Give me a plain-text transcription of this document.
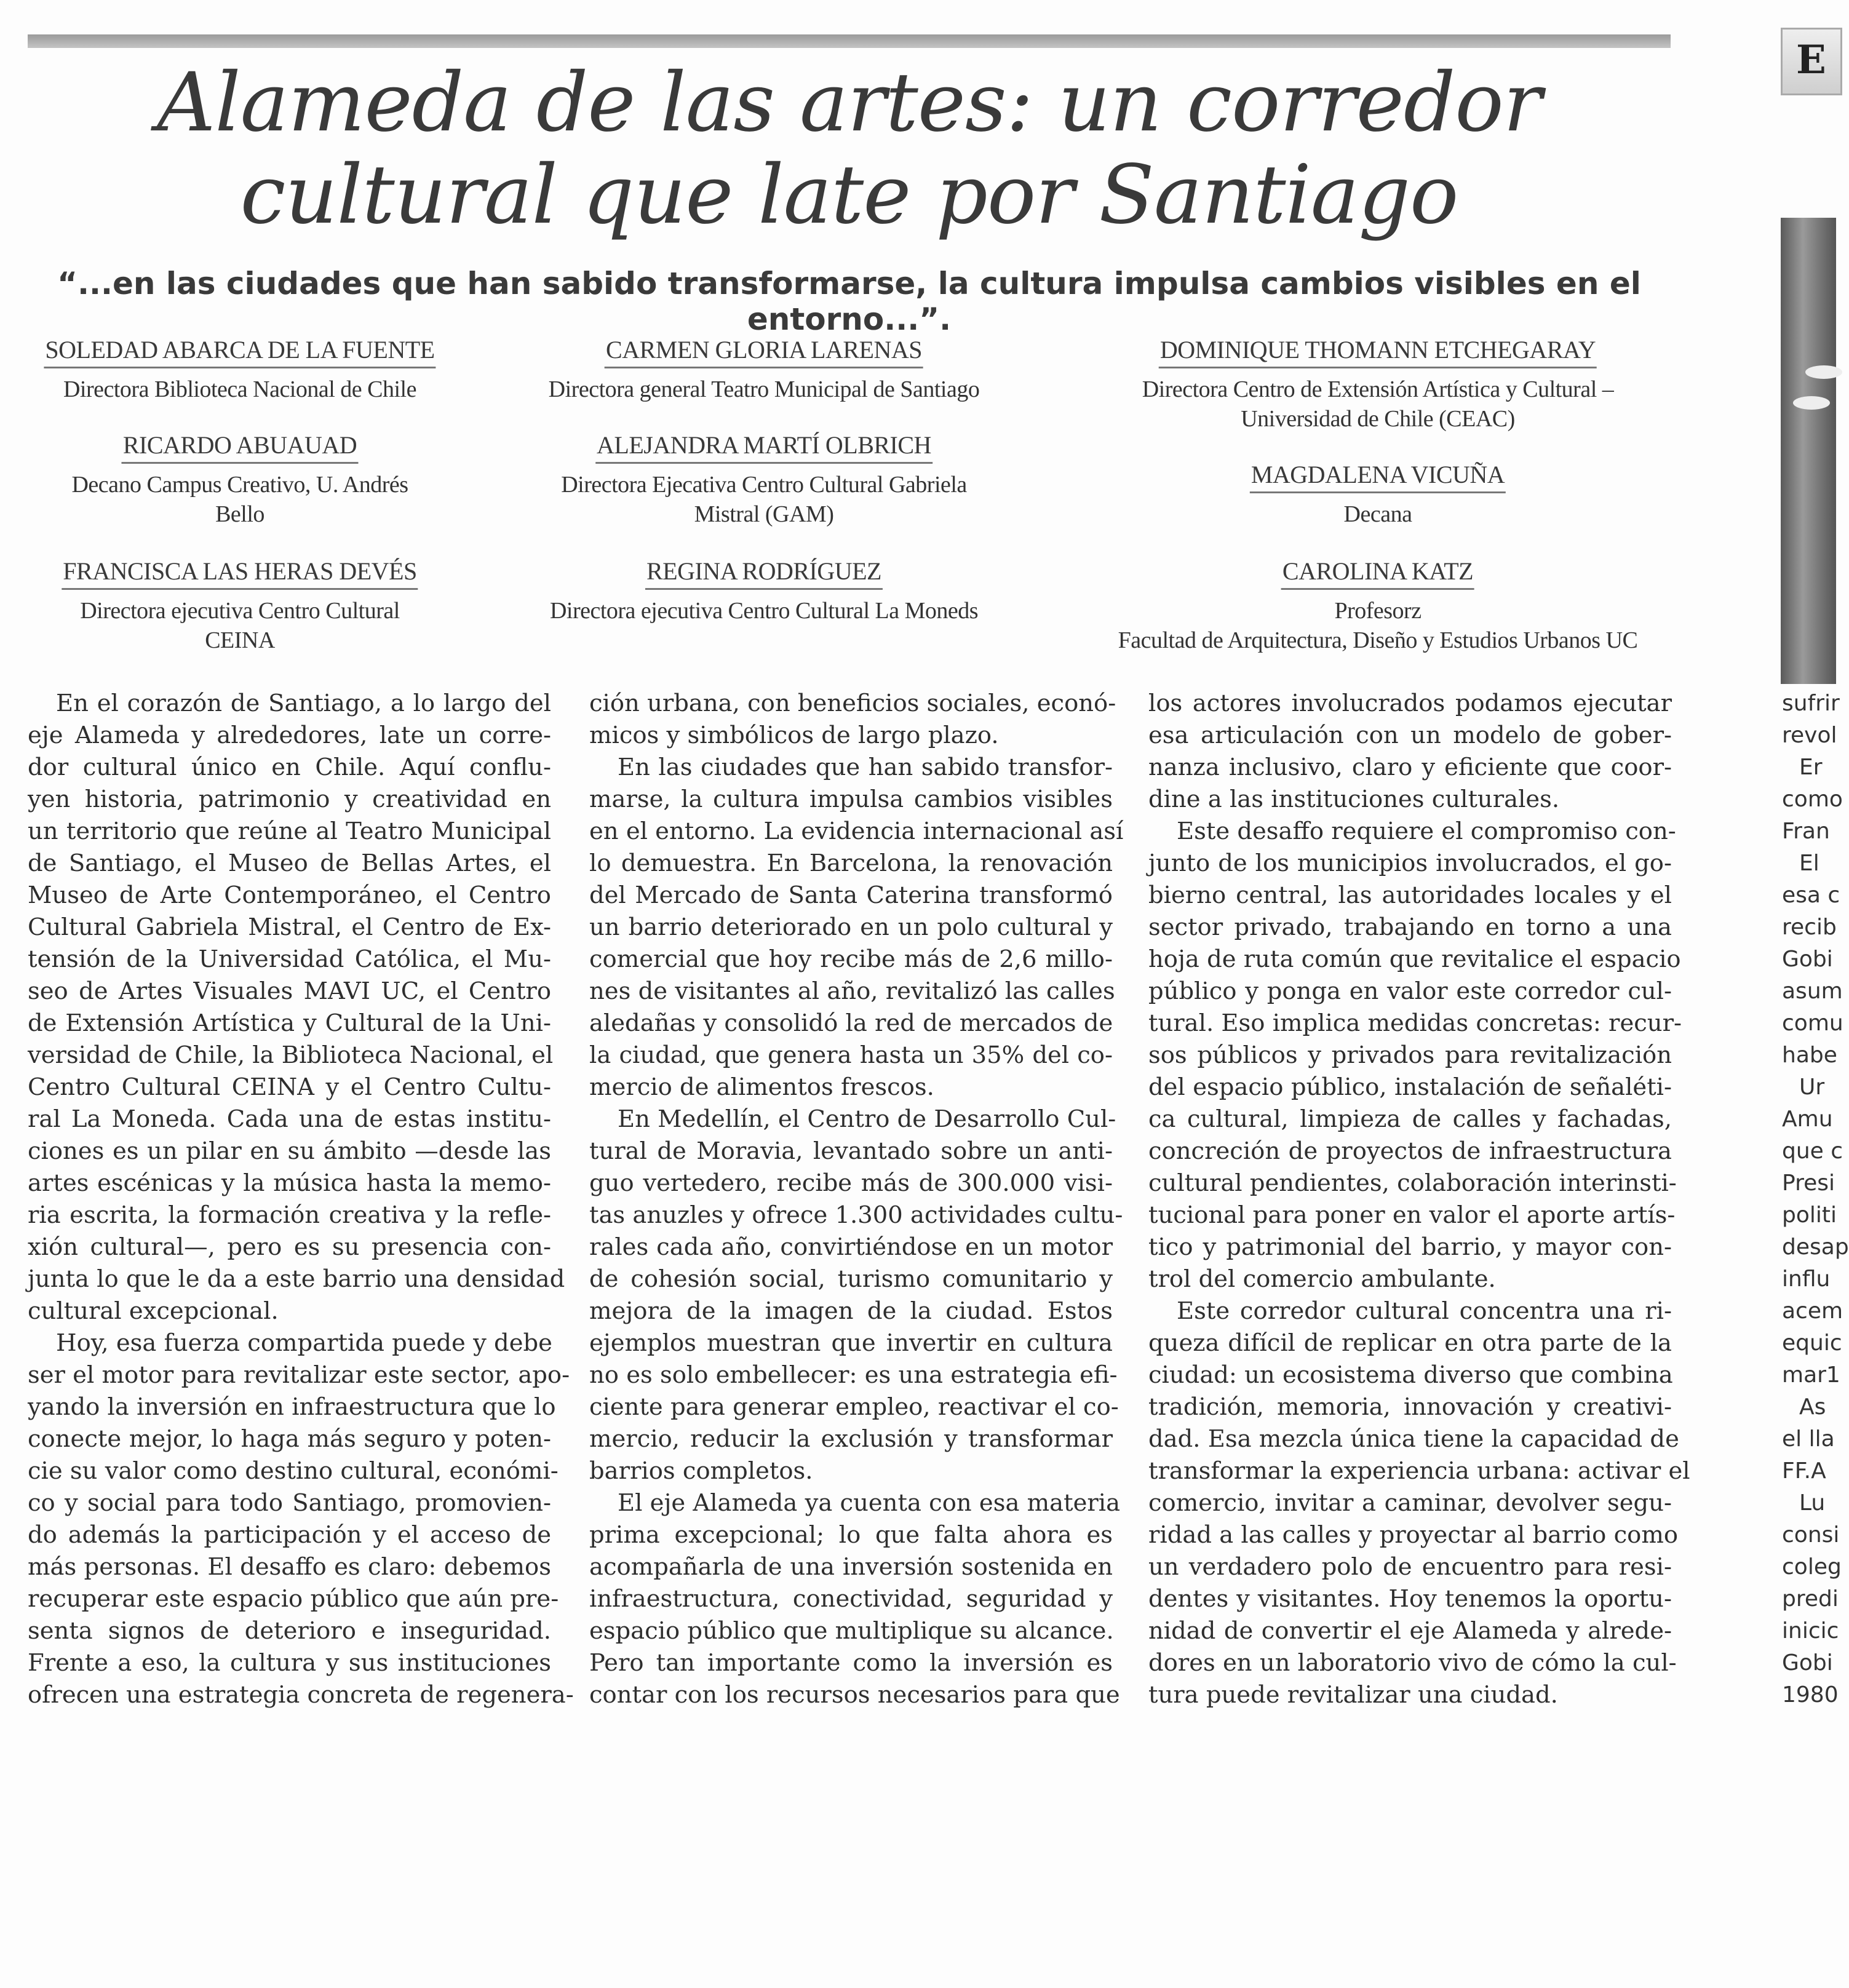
Alameda de las artes: un corredor
cultural que late por Santiago
“...en las ciudades que han sabido transformarse, la cultura impulsa cambios visibles en el entorno...”.
SOLEDAD ABARCA DE LA FUENTE
Directora Biblioteca Nacional de Chile
CARMEN GLORIA LARENAS
Directora general Teatro Municipal de Santiago
DOMINIQUE THOMANN ETCHEGARAY
Directora Centro de Extensión Artística y Cultural –
Universidad de Chile (CEAC)
RICARDO ABUAUAD
Decano Campus Creativo, U. Andrés
Bello
ALEJANDRA MARTÍ OLBRICH
Directora Ejecativa Centro Cultural Gabriela
Mistral (GAM)
MAGDALENA VICUÑA
Decana
FRANCISCA LAS HERAS DEVÉS
Directora ejecutiva Centro Cultural
CEINA
REGINA RODRÍGUEZ
Directora ejecutiva Centro Cultural La Moneds
CAROLINA KATZ
Profesorz
Facultad de Arquitectura, Diseño y Estudios Urbanos UC
En el corazón de Santiago, a lo largo del
eje Alameda y alrededores, late un corre-
dor cultural único en Chile. Aquí conflu-
yen historia, patrimonio y creatividad en
un territorio que reúne al Teatro Municipal
de Santiago, el Museo de Bellas Artes, el
Museo de Arte Contemporáneo, el Centro
Cultural Gabriela Mistral, el Centro de Ex-
tensión de la Universidad Católica, el Mu-
seo de Artes Visuales MAVI UC, el Centro
de Extensión Artística y Cultural de la Uni-
versidad de Chile, la Biblioteca Nacional, el
Centro Cultural CEINA y el Centro Cultu-
ral La Moneda. Cada una de estas institu-
ciones es un pilar en su ámbito —desde las
artes escénicas y la música hasta la memo-
ria escrita, la formación creativa y la refle-
xión cultural—, pero es su presencia con-
junta lo que le da a este barrio una densidad
cultural excepcional.
Hoy, esa fuerza compartida puede y debe
ser el motor para revitalizar este sector, apo-
yando la inversión en infraestructura que lo
conecte mejor, lo haga más seguro y poten-
cie su valor como destino cultural, económi-
co y social para todo Santiago, promovien-
do además la participación y el acceso de
más personas. El desaffo es claro: debemos
recuperar este espacio público que aún pre-
senta signos de deterioro e inseguridad.
Frente a eso, la cultura y sus instituciones
ofrecen una estrategia concreta de regenera-
ción urbana, con beneficios sociales, econó-
micos y simbólicos de largo plazo.
En las ciudades que han sabido transfor-
marse, la cultura impulsa cambios visibles
en el entorno. La evidencia internacional así
lo demuestra. En Barcelona, la renovación
del Mercado de Santa Caterina transformó
un barrio deteriorado en un polo cultural y
comercial que hoy recibe más de 2,6 millo-
nes de visitantes al año, revitalizó las calles
aledañas y consolidó la red de mercados de
la ciudad, que genera hasta un 35% del co-
mercio de alimentos frescos.
En Medellín, el Centro de Desarrollo Cul-
tural de Moravia, levantado sobre un anti-
guo vertedero, recibe más de 300.000 visi-
tas anuzles y ofrece 1.300 actividades cultu-
rales cada año, convirtiéndose en un motor
de cohesión social, turismo comunitario y
mejora de la imagen de la ciudad. Estos
ejemplos muestran que invertir en cultura
no es solo embellecer: es una estrategia efi-
ciente para generar empleo, reactivar el co-
mercio, reducir la exclusión y transformar
barrios completos.
El eje Alameda ya cuenta con esa materia
prima excepcional; lo que falta ahora es
acompañarla de una inversión sostenida en
infraestructura, conectividad, seguridad y
espacio público que multiplique su alcance.
Pero tan importante como la inversión es
contar con los recursos necesarios para que
los actores involucrados podamos ejecutar
esa articulación con un modelo de gober-
nanza inclusivo, claro y eficiente que coor-
dine a las instituciones culturales.
Este desaffo requiere el compromiso con-
junto de los municipios involucrados, el go-
bierno central, las autoridades locales y el
sector privado, trabajando en torno a una
hoja de ruta común que revitalice el espacio
público y ponga en valor este corredor cul-
tural. Eso implica medidas concretas: recur-
sos públicos y privados para revitalización
del espacio público, instalación de señaléti-
ca cultural, limpieza de calles y fachadas,
concreción de proyectos de infraestructura
cultural pendientes, colaboración interinsti-
tucional para poner en valor el aporte artís-
tico y patrimonial del barrio, y mayor con-
trol del comercio ambulante.
Este corredor cultural concentra una ri-
queza difícil de replicar en otra parte de la
ciudad: un ecosistema diverso que combina
tradición, memoria, innovación y creativi-
dad. Esa mezcla única tiene la capacidad de
transformar la experiencia urbana: activar el
comercio, invitar a caminar, devolver segu-
ridad a las calles y proyectar al barrio como
un verdadero polo de encuentro para resi-
dentes y visitantes. Hoy tenemos la oportu-
nidad de convertir el eje Alameda y alrede-
dores en un laboratorio vivo de cómo la cul-
tura puede revitalizar una ciudad.
E
sufrir
revol
Er
como
Fran
El
esa c
recib
Gobi
asum
comu
habe
Ur
Amu
que c
Presi
politi
desap
influ
acem
equic
mar1
As
el lla
FF.A
Lu
consi
coleg
predi
inicic
Gobi
1980
